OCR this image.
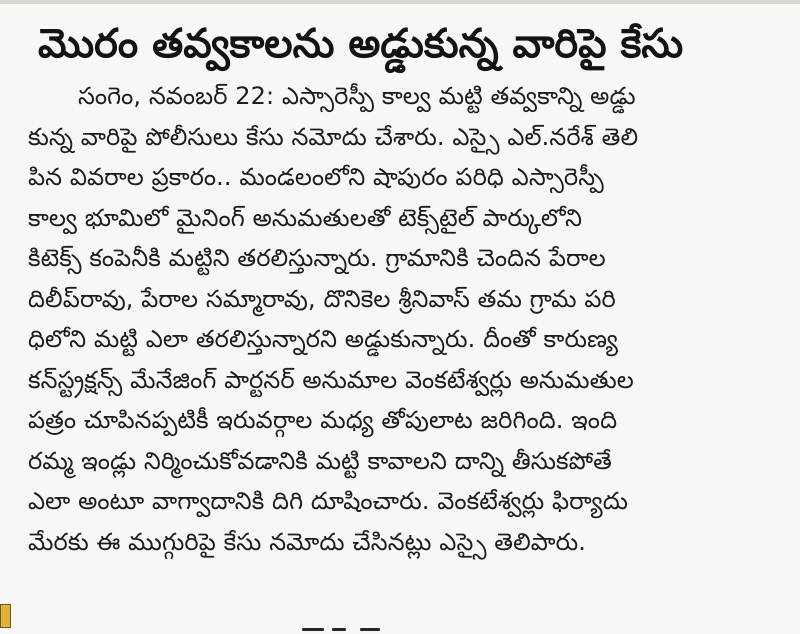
మొరం తవ్వకాలను అడ్డుకున్న వారిపై కేసు
సంగెం, నవంబర్ 22: ఎస్సారెస్పీ కాల్వ మట్టి తవ్వకాన్ని అడ్డు
కున్న వారిపై పోలీసులు కేసు నమోదు చేశారు. ఎస్సై ఎల్.నరేశ్ తెలి
పిన వివరాల ప్రకారం.. మండలంలోని షాపురం పరిధి ఎస్సారెస్పీ
కాల్వ భూమిలో మైనింగ్ అనుమతులతో టెక్స్‌టైల్ పార్కులోని
కిటెక్స్ కంపెనీకి మట్టిని తరలిస్తున్నారు. గ్రామానికి చెందిన పేరాల
దిలీప్‌రావు, పేరాల సమ్మారావు, దొనికెల శ్రీనివాస్ తమ గ్రామ పరి
ధిలోని మట్టి ఎలా తరలిస్తున్నారని అడ్డుకున్నారు. దీంతో కారుణ్య
కన్‌స్ట్రక్షన్స్ మేనేజింగ్ పార్టనర్ అనుమాల వెంకటేశ్వర్లు అనుమతుల
పత్రం చూపినప్పటికీ ఇరువర్గాల మధ్య తోపులాట జరిగింది. ఇంది
రమ్మ ఇండ్లు నిర్మించుకోవడానికి మట్టి కావాలని దాన్ని తీసుకపోతే
ఎలా అంటూ వాగ్వాదానికి దిగి దూషించారు. వెంకటేశ్వర్లు ఫిర్యాదు
మేరకు ఈ ముగ్గురిపై కేసు నమోదు చేసినట్లు ఎస్సై తెలిపారు.
